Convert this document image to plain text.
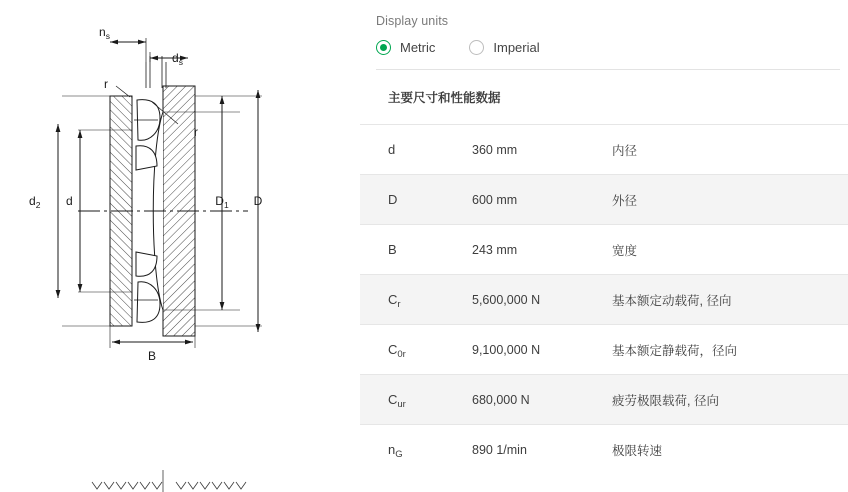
$n_s$
$d_s$
r
r
$d_2$ d	$D_1$ D
B
Display units
Metric	Imperial
主要尺寸和性能数据
d	360 mm	内径
D	600 mm	外径
B	243 mm	宽度
$C_r$	5,600,000 N	基本额定动载荷, 径向
$C_{0r}$	9,100,000 N	基本额定静载荷，径向
$C_{ur}$	680,000 N	疲劳极限载荷, 径向
$n_G$	890 1/min	极限转速
